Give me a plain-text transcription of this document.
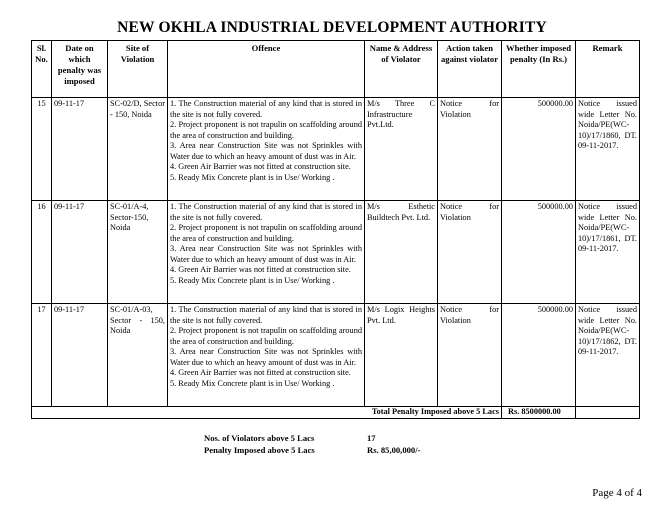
NEW OKHLA INDUSTRIAL DEVELOPMENT AUTHORITY
Sl. No.	Date on which penalty was imposed	Site of Violation	Offence	Name & Address of Violator	Action taken against violator	Whether imposed penalty (In Rs.)	Remark
15	09-11-17	SC-02/D, Sector - 150, Noida	1. The Construction material of any kind that is stored in the site is not fully covered.
2. Project proponent is not trapulin on scaffolding around the area of construction and building.
3. Area near Construction Site was not Sprinkles with Water due to which an heavy amount of dust was in Air.
4. Green Air Barrier was not fitted at construction site.
5. Ready Mix Concrete plant is in Use/ Working .	M/s Three C Infrastructure Pvt.Ltd.	Notice for Violation	500000.00	Notice issued wide Letter No. Noida/PE(WC-10)/17/1860, DT. 09-11-2017.
16	09-11-17	SC-01/A-4, Sector-150, Noida	1. The Construction material of any kind that is stored in the site is not fully covered.
2. Project proponent is not trapulin on scaffolding around the area of construction and building.
3. Area near Construction Site was not Sprinkles with Water due to which an heavy amount of dust was in Air.
4. Green Air Barrier was not fitted at construction site.
5. Ready Mix Concrete plant is in Use/ Working .	M/s Esthetic Buildtech Pvt. Ltd.	Notice for Violation	500000.00	Notice issued wide Letter No. Noida/PE(WC-10)/17/1861, DT. 09-11-2017.
17	09-11-17	SC-01/A-03, Sector - 150, Noida	1. The Construction material of any kind that is stored in the site is not fully covered.
2. Project proponent is not trapulin on scaffolding around the area of construction and building.
3. Area near Construction Site was not Sprinkles with Water due to which an heavy amount of dust was in Air.
4. Green Air Barrier was not fitted at construction site.
5. Ready Mix Concrete plant is in Use/ Working .	M/s Logix Heights Pvt. Ltd.	Notice for Violation	500000.00	Notice issued wide Letter No. Noida/PE(WC-10)/17/1862, DT. 09-11-2017.
				Total Penalty Imposed above 5 Lacs		Rs. 8500000.00	
Nos. of Violators above 5 Lacs	17
Penalty Imposed above 5 Lacs	Rs. 85,00,000/-
Page 4 of 4
